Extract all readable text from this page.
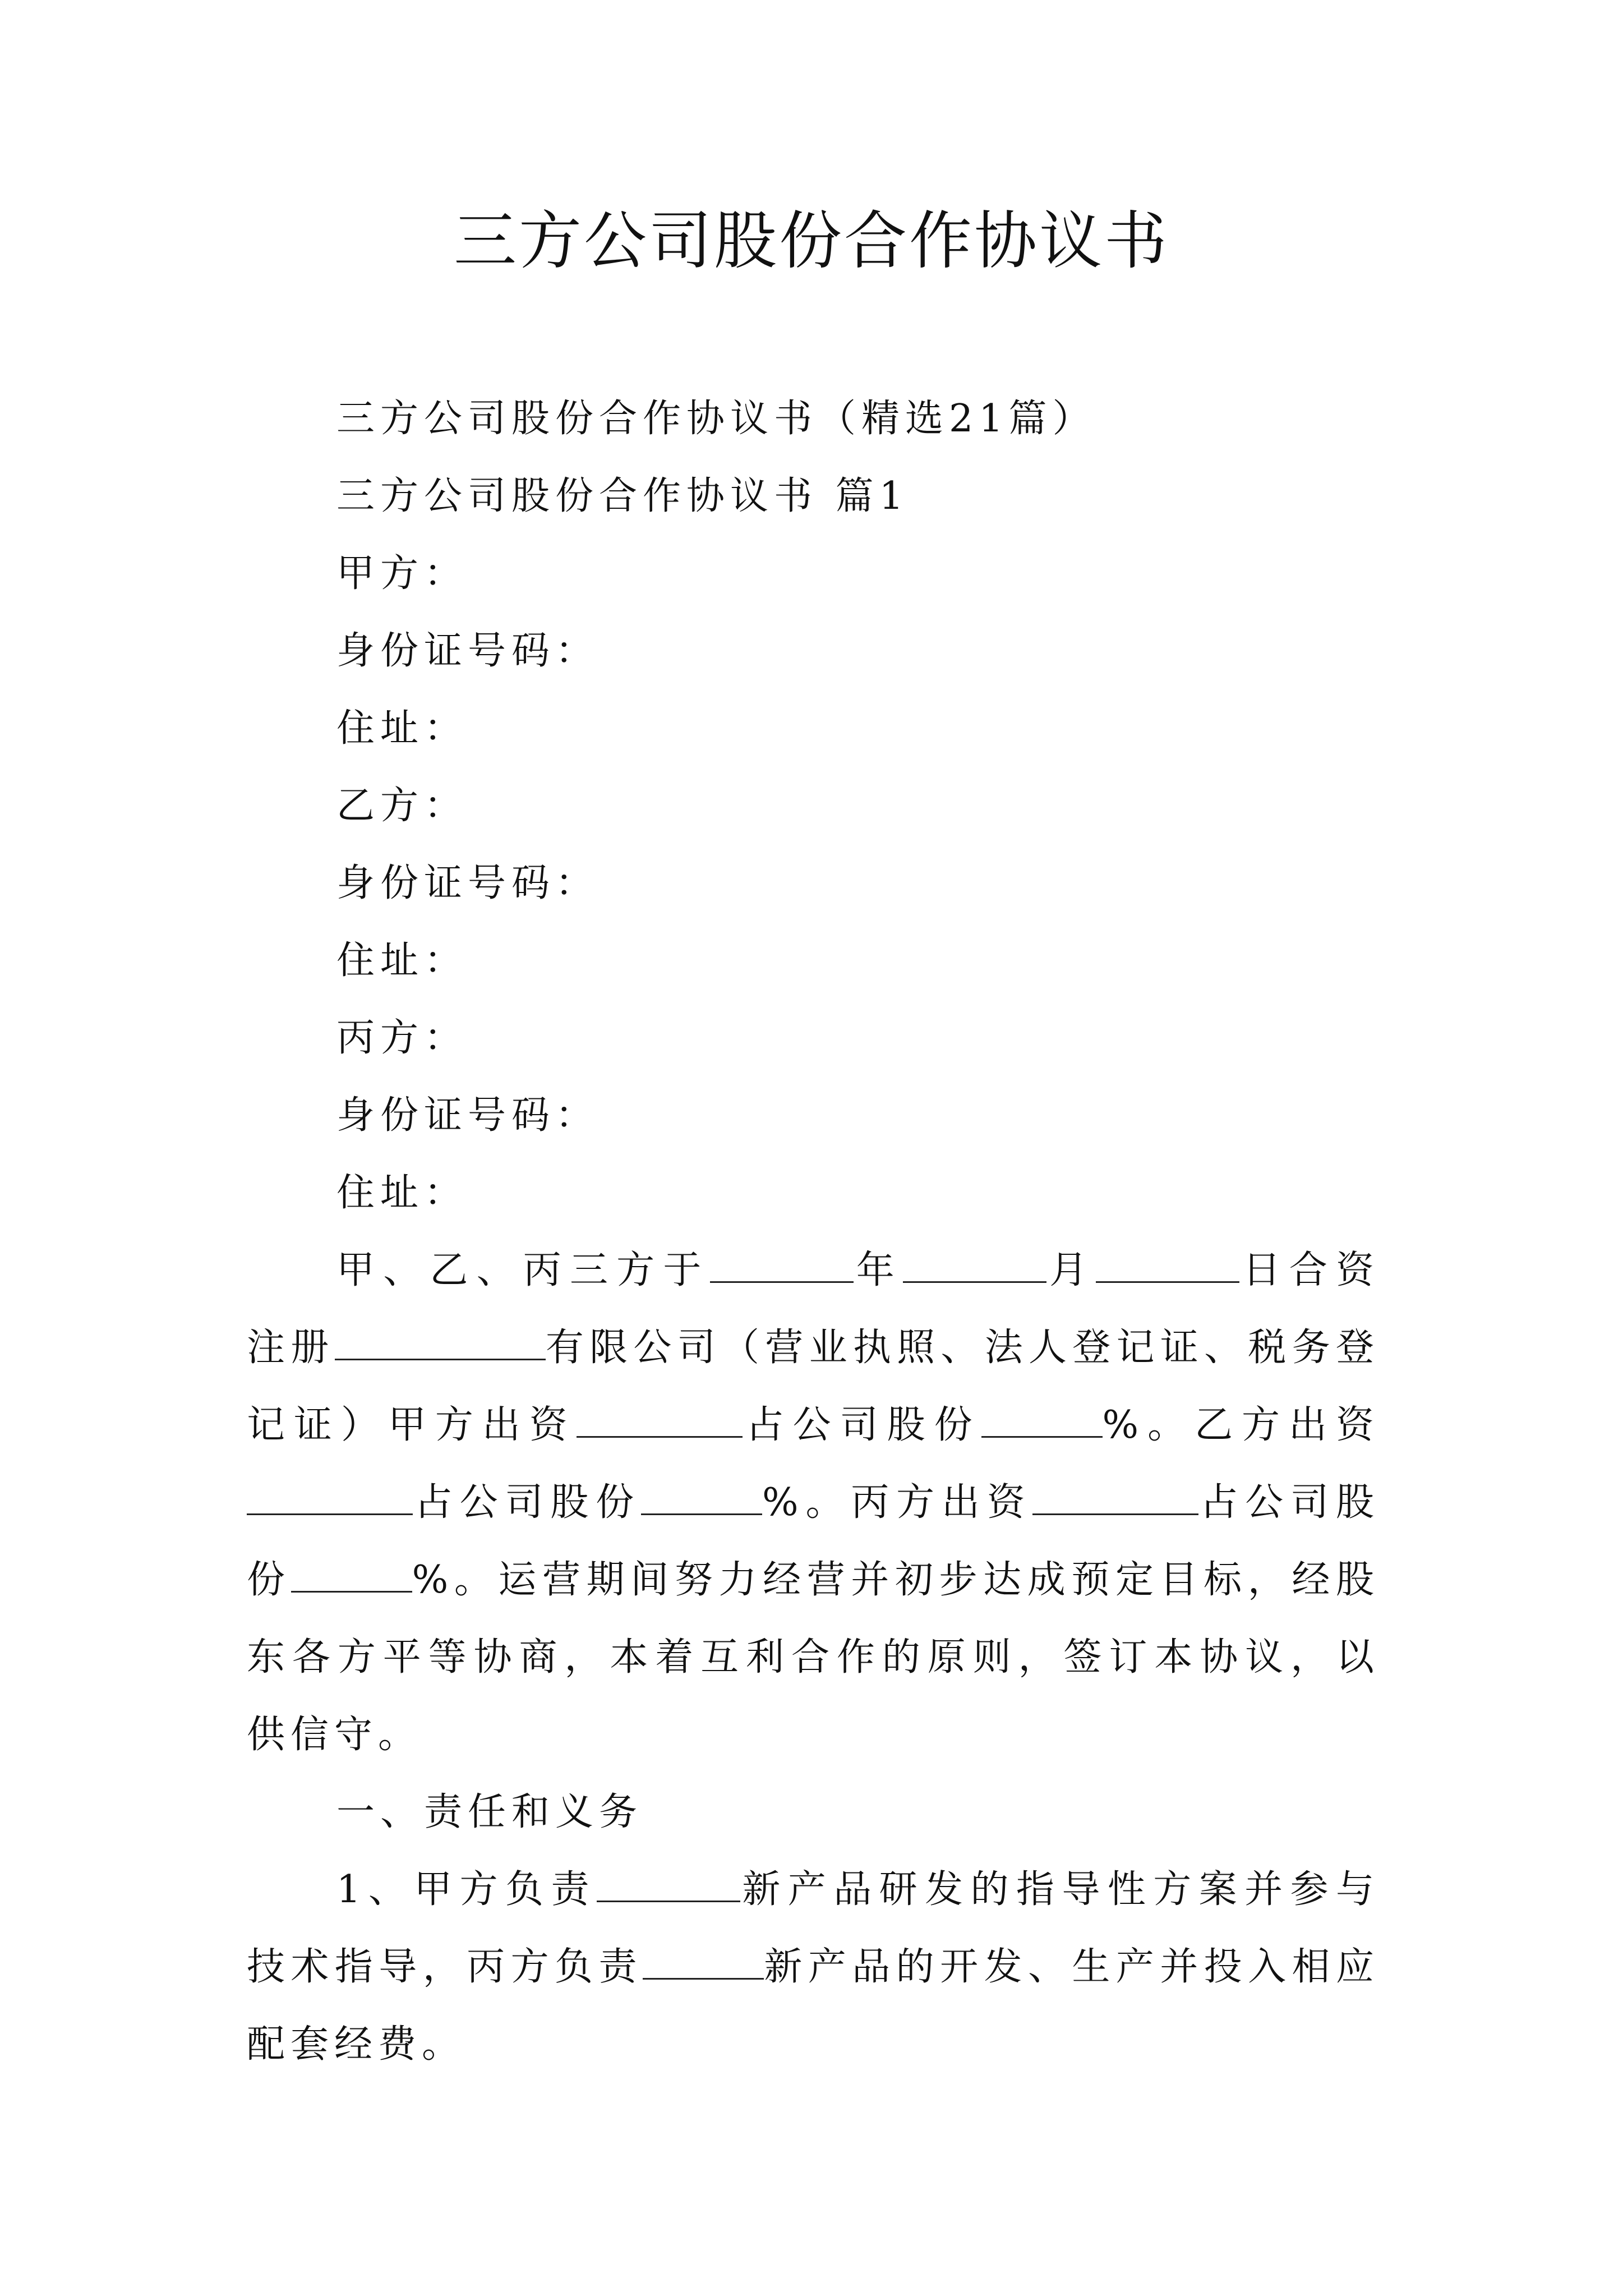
三方公司股份合作协议书
三方公司股份合作协议书（精选21篇）
三方公司股份合作协议书 篇1
甲方：
身份证号码：
住址：
乙方：
身份证号码：
住址：
丙方：
身份证号码：
住址：

甲、乙、丙三方于	年	月	日合资注册	有限公司（营业执照、法人登记证、税务登记证）甲方出资	占公司股份	%。乙方出资占公司股份	%。丙方出资	占公司股份	%。运营期间努力经营并初步达成预定目标，经股东各方平等协商，本着互利合作的原则，签订本协议，以供信守。

一、责任和义务

1、甲方负责	新产品研发的指导性方案并参与技术指导，丙方负责	新产品的开发、生产并投入相应配套经费。
